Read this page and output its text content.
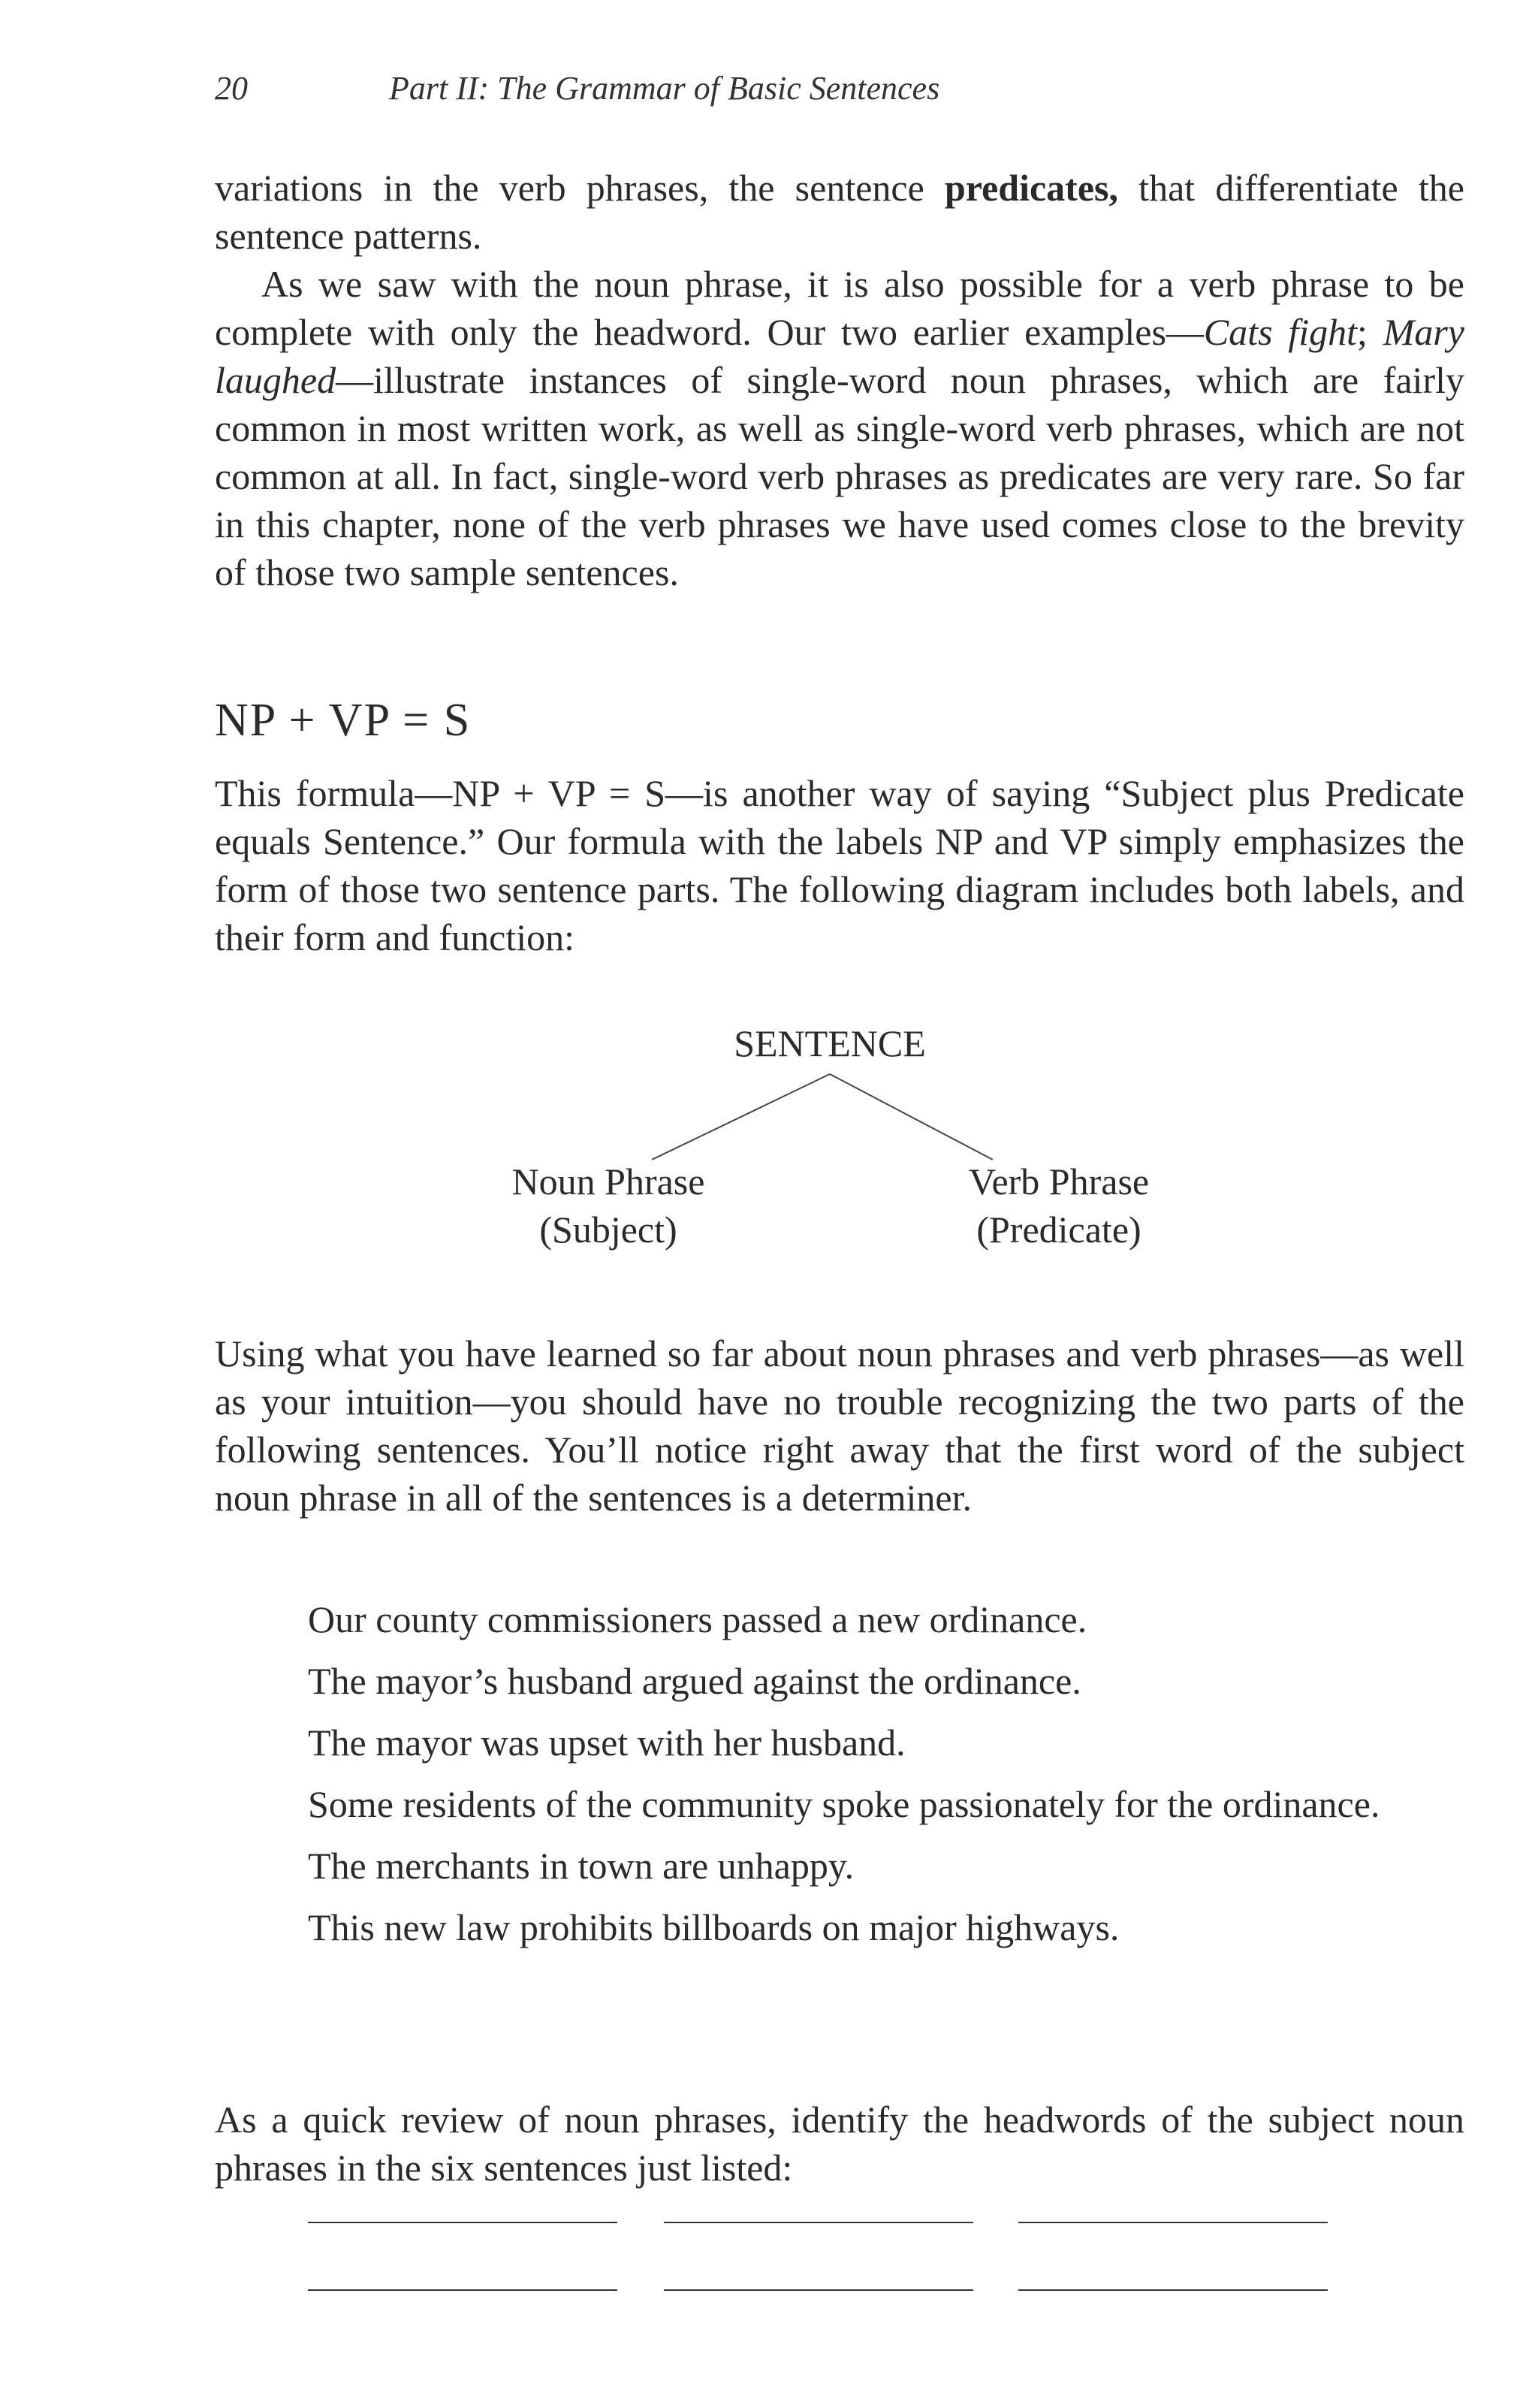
20	Part II: The Grammar of Basic Sentences

variations in the verb phrases, the sentence predicates, that differentiate the sentence patterns.

As we saw with the noun phrase, it is also possible for a verb phrase to be complete with only the headword. Our two earlier examples—Cats fight; Mary laughed—illustrate instances of single-word noun phrases, which are fairly common in most written work, as well as single-word verb phrases, which are not common at all. In fact, single-word verb phrases as predicates are very rare. So far in this chapter, none of the verb phrases we have used comes close to the brevity of those two sample sentences.

NP + VP = S

This formula—NP + VP = S—is another way of saying “Subject plus Predicate equals Sentence.” Our formula with the labels NP and VP simply emphasizes the form of those two sentence parts. The following diagram includes both labels, and their form and function:

SENTENCE
Noun Phrase
(Subject)
Verb Phrase
(Predicate)

Using what you have learned so far about noun phrases and verb phrases—as well as your intuition—you should have no trouble recognizing the two parts of the following sentences. You’ll notice right away that the first word of the subject noun phrase in all of the sentences is a determiner.

Our county commissioners passed a new ordinance.

The mayor’s husband argued against the ordinance.

The mayor was upset with her husband.

Some residents of the community spoke passionately for the ordinance.

The merchants in town are unhappy.

This new law prohibits billboards on major highways.

As a quick review of noun phrases, identify the headwords of the subject noun phrases in the six sentences just listed:
